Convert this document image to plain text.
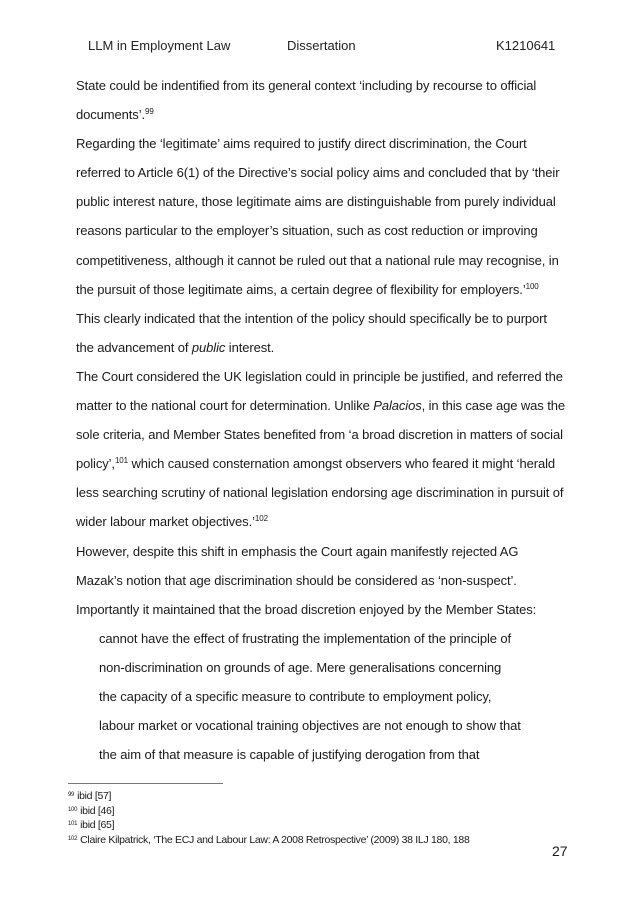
LLM in Employment Law	Dissertation	K1210641
State could be indentified from its general context ‘including by recourse to official
documents’.$^{99}$
Regarding the ‘legitimate’ aims required to justify direct discrimination, the Court
referred to Article 6(1) of the Directive’s social policy aims and concluded that by ‘their
public interest nature, those legitimate aims are distinguishable from purely individual
reasons particular to the employer’s situation, such as cost reduction or improving
competitiveness, although it cannot be ruled out that a national rule may recognise, in
the pursuit of those legitimate aims, a certain degree of flexibility for employers.’$^{100}$
This clearly indicated that the intention of the policy should specifically be to purport
the advancement of public interest.
The Court considered the UK legislation could in principle be justified, and referred the
matter to the national court for determination. Unlike Palacios, in this case age was the
sole criteria, and Member States benefited from ‘a broad discretion in matters of social
policy’,$^{101}$ which caused consternation amongst observers who feared it might ‘herald
less searching scrutiny of national legislation endorsing age discrimination in pursuit of
wider labour market objectives.’$^{102}$
However, despite this shift in emphasis the Court again manifestly rejected AG
Mazak’s notion that age discrimination should be considered as ‘non-suspect’.
Importantly it maintained that the broad discretion enjoyed by the Member States:
cannot have the effect of frustrating the implementation of the principle of
non-discrimination on grounds of age. Mere generalisations concerning
the capacity of a specific measure to contribute to employment policy,
labour market or vocational training objectives are not enough to show that
the aim of that measure is capable of justifying derogation from that
$^{99}$ ibid [57]
$^{100}$ ibid [46]
$^{101}$ ibid [65]
$^{102}$ Claire Kilpatrick, ‘The ECJ and Labour Law: A 2008 Retrospective’ (2009) 38 ILJ 180, 188
27
